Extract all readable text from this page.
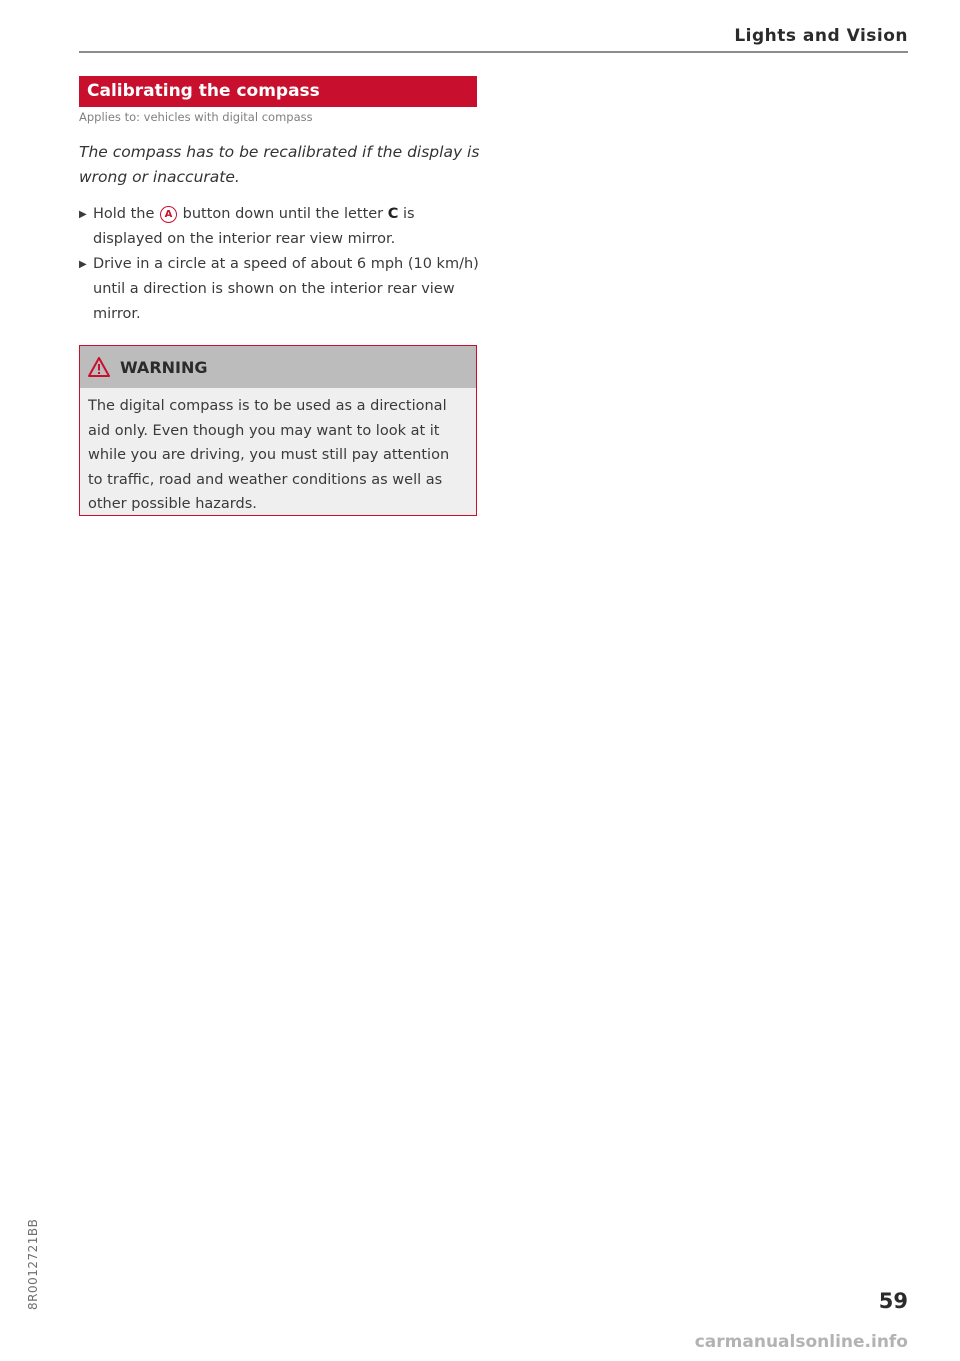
Lights and Vision
Calibrating the compass
Applies to: vehicles with digital compass
The compass has to be recalibrated if the display is wrong or inaccurate.
▶ Hold the A button down until the letter C is displayed on the interior rear view mirror.
▶ Drive in a circle at a speed of about 6 mph (10 km/h) until a direction is shown on the interior rear view mirror.
WARNING
The digital compass is to be used as a directional aid only. Even though you may want to look at it while you are driving, you must still pay attention to traffic, road and weather conditions as well as other possible hazards.
8R0012721BB	59
carmanualsonline.info
